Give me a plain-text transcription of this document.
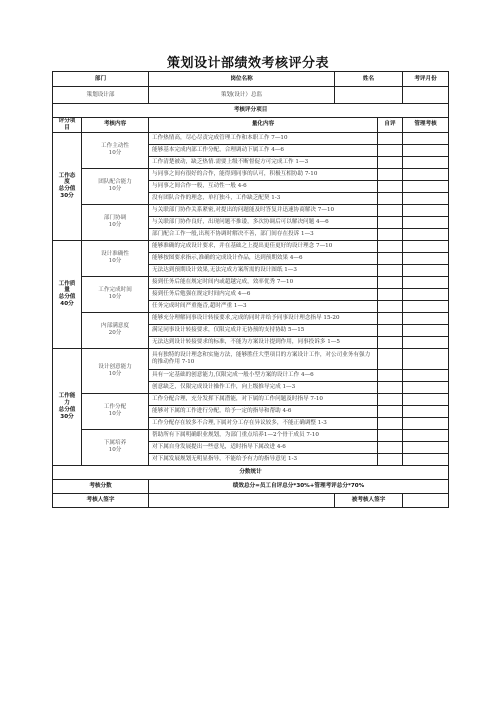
策划设计部绩效考核评分表
部门		岗位名称	姓名		考评月份
策划设计部		策划(设计）总监			
考核评分项目					
评分项目	考核内容	量化内容		自评	管理考核

工作态度
总分值
30分	工作主动性
10分	工作热情高，尽心尽责完成管理工作和本职工作 7—10			
		能够基本完成内部工作分配，合理调动下属工作 4—6			
		工作清楚被动，缺乏热情.需要上级不断督促方可完成工作 1—3			

	团队配合能力
10分	与同事之间有很好的合作，能得到同事的认可，积极互相协助 7-10			
		与同事之间合作一般，互动性一般 4-6			
		没有团队合作的理念，单打独斗，工作缺乏配契 1-3			

	部门协调
10分	与关联部门协作关系紧密,对提出的问题能及时答复并迅速协商解决 7—10			
		与关联部门协作良好，出现问题不推诿，多次协调后可以解决问题 4—6			
		部门配合工作一般,出现不协调时解决不善，部门间存在投诉 1—3			

工作质量
总分值
40分	设计准确性
10分	能够准确的完成设计要求，并在基础之上提出更佳更好的设计理念 7—10			
		能够按图要求指示,准确的完成设计作品，达到预期效果 4—6			
		无法达到预期设计效果,无法完成方案所需的设计图纸 1—3			

	工作完成时间
10分	接到任务后能在规定时间内或超越完成，效率优秀 7—10			
		接到任务后勉强在规定时间内完成 4—6			
		任务完成时间严重拖沓,超时严重 1—3			

	内部满意度
20分	能够充分理解同事设计转接要求,完成的同时并给予同事设计理念指导 15-20			
		满足同事设计转接要求，仅限完成并无协预的支持协助 5—15			
		无法达到设计转接要求的标准，不能为方案设计提到作用，同事投诉多 1—5			

工作能力
总分值
30分	设计创意能力
10分	具有独特的设计理念和实施方法，能够胜任大型项目的方案设计工作，对公司业务有强力的推动作用 7-10			
		具有一定基础的创意能力,仅限完成一般小型方案的设计工作 4—6			
		创意缺乏，仅限完成设计操作工作，向上级推导完成 1—3			

	工作分配
10分	工作分配合理，充分发挥下属潜能，对下属的工作问题及时指导 7-10			
		能够对下属的工作进行分配，给予一定的指导和帮助 4-6			
		工作分配存在较多不合理,下属对分工存在异议较多，不能正确调整 1-3			

	下属培养
10分	帮助所有下属明确职业规划，为部门重点培养1—2个骨干成员 7-10			
		对下属自身发展提出一些意见，适时指导下属改进 4-6			
		对下属发展规划无明显指导，不能给予有力的指导意见 1-3			
分数统计					
考核分数		绩效总分=员工自评总分*30%+管理考评总分*70%			
考核人签字			被考核人签字		
